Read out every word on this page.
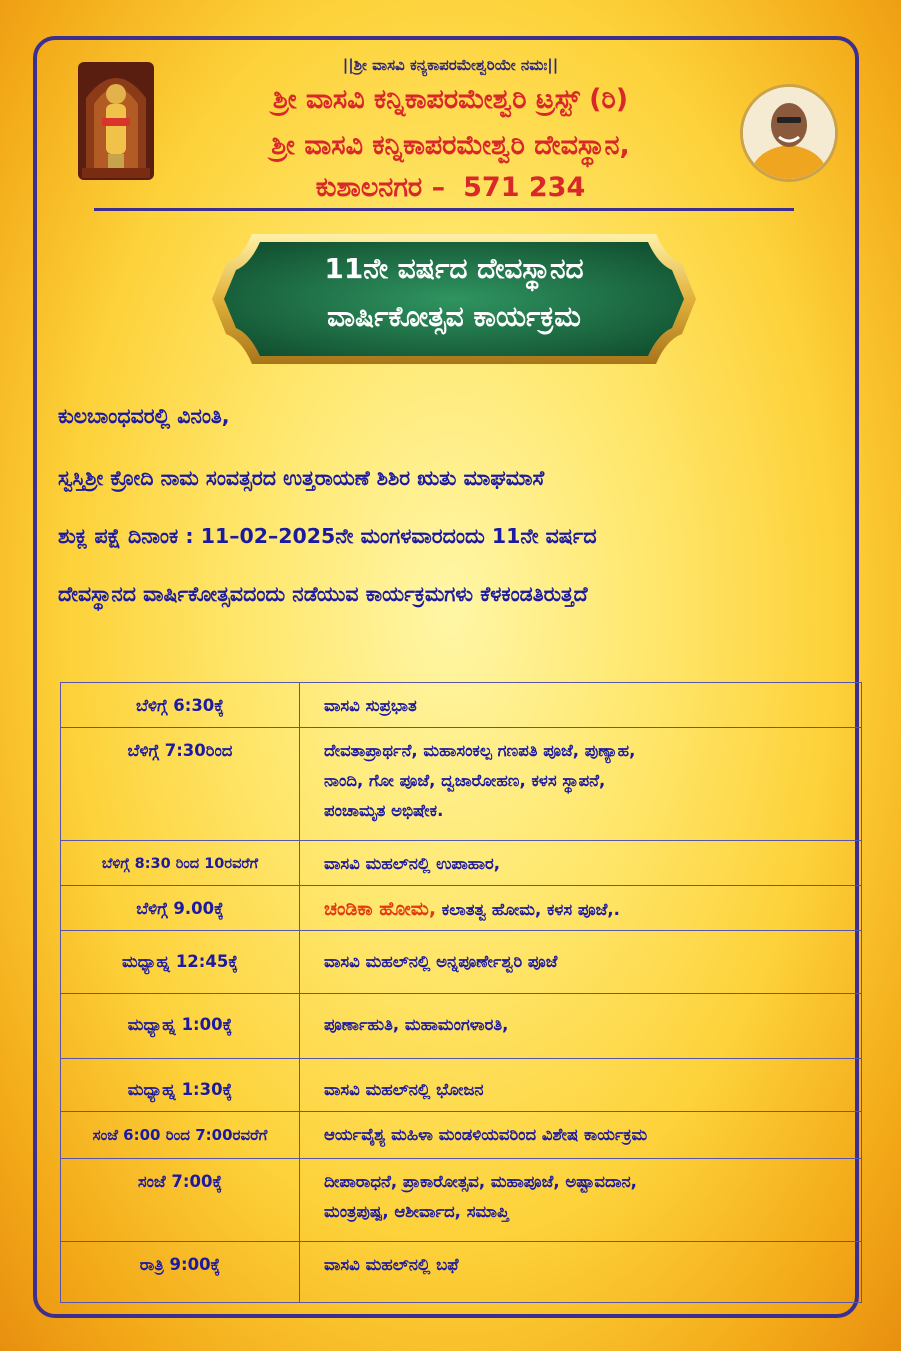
||ಶ್ರೀ ವಾಸವಿ ಕನ್ಯಕಾಪರಮೇಶ್ವರಿಯೇ ನಮಃ||
ಶ್ರೀ ವಾಸವಿ ಕನ್ನಿಕಾಪರಮೇಶ್ವರಿ ಟ್ರಸ್ಟ್ (ರಿ)
ಶ್ರೀ ವಾಸವಿ ಕನ್ನಿಕಾಪರಮೇಶ್ವರಿ ದೇವಸ್ಥಾನ,
ಕುಶಾಲನಗರ – 571 234
11ನೇ ವರ್ಷದ ದೇವಸ್ಥಾನದ
ವಾರ್ಷಿಕೋತ್ಸವ ಕಾರ್ಯಕ್ರಮ
ಕುಲಬಾಂಧವರಲ್ಲಿ ವಿನಂತಿ,
ಸ್ವಸ್ತಿಶ್ರೀ ಕ್ರೋದಿ ನಾಮ ಸಂವತ್ಸರದ ಉತ್ತರಾಯಣೆ ಶಿಶಿರ ಋತು ಮಾಘಮಾಸೆ
ಶುಕ್ಲ ಪಕ್ಷೆ ದಿನಾಂಕ : 11–02–2025ನೇ ಮಂಗಳವಾರದಂದು 11ನೇ ವರ್ಷದ
ದೇವಸ್ಥಾನದ ವಾರ್ಷಿಕೋತ್ಸವದಂದು ನಡೆಯುವ ಕಾರ್ಯಕ್ರಮಗಳು ಕೆಳಕಂಡತಿರುತ್ತದೆ
ಬೆಳಿಗ್ಗೆ 6:30ಕ್ಕೆ	ವಾಸವಿ ಸುಪ್ರಭಾತ

ಬೆಳಿಗ್ಗೆ 7:30ರಿಂದ	ದೇವತಾಪ್ರಾರ್ಥನೆ, ಮಹಾಸಂಕಲ್ಪ ಗಣಪತಿ ಪೂಜೆ, ಪುಣ್ಯಾಹ,
ನಾಂದಿ, ಗೋ ಪೂಜೆ, ದ್ವಜಾರೋಹಣ, ಕಳಸ ಸ್ಥಾಪನೆ,
ಪಂಚಾಮೃತ ಅಭಿಷೇಕ.

ಬೆಳಿಗ್ಗೆ 8:30 ರಿಂದ 10ರವರೆಗೆ	ವಾಸವಿ ಮಹಲ್‌ನಲ್ಲಿ ಉಪಾಹಾರ,

ಬೆಳಿಗ್ಗೆ 9.00ಕ್ಕೆ	ಚಂಡಿಕಾ ಹೋಮ, ಕಲಾತತ್ವ ಹೋಮ, ಕಳಸ ಪೂಜೆ,.

ಮಧ್ಯಾಹ್ನ 12:45ಕ್ಕೆ	ವಾಸವಿ ಮಹಲ್‌ನಲ್ಲಿ ಅನ್ನಪೂರ್ಣೇಶ್ವರಿ ಪೂಜೆ

ಮಧ್ಯಾಹ್ನ 1:00ಕ್ಕೆ	ಪೂರ್ಣಾಹುತಿ, ಮಹಾಮಂಗಳಾರತಿ,

ಮಧ್ಯಾಹ್ನ 1:30ಕ್ಕೆ	ವಾಸವಿ ಮಹಲ್‌ನಲ್ಲಿ ಭೋಜನ

ಸಂಜೆ 6:00 ರಿಂದ 7:00ರವರೆಗೆ	ಆರ್ಯವೈಶ್ಯ ಮಹಿಳಾ ಮಂಡಳಿಯವರಿಂದ ವಿಶೇಷ ಕಾರ್ಯಕ್ರಮ

ಸಂಜೆ 7:00ಕ್ಕೆ	ದೀಪಾರಾಧನೆ, ಪ್ರಾಕಾರೋತ್ಸವ, ಮಹಾಪೂಜೆ, ಅಷ್ಟಾವದಾನ,
ಮಂತ್ರಪುಷ್ಪ, ಆಶೀರ್ವಾದ, ಸಮಾಪ್ತಿ

ರಾತ್ರಿ 9:00ಕ್ಕೆ	ವಾಸವಿ ಮಹಲ್‌ನಲ್ಲಿ ಬಫೆ
